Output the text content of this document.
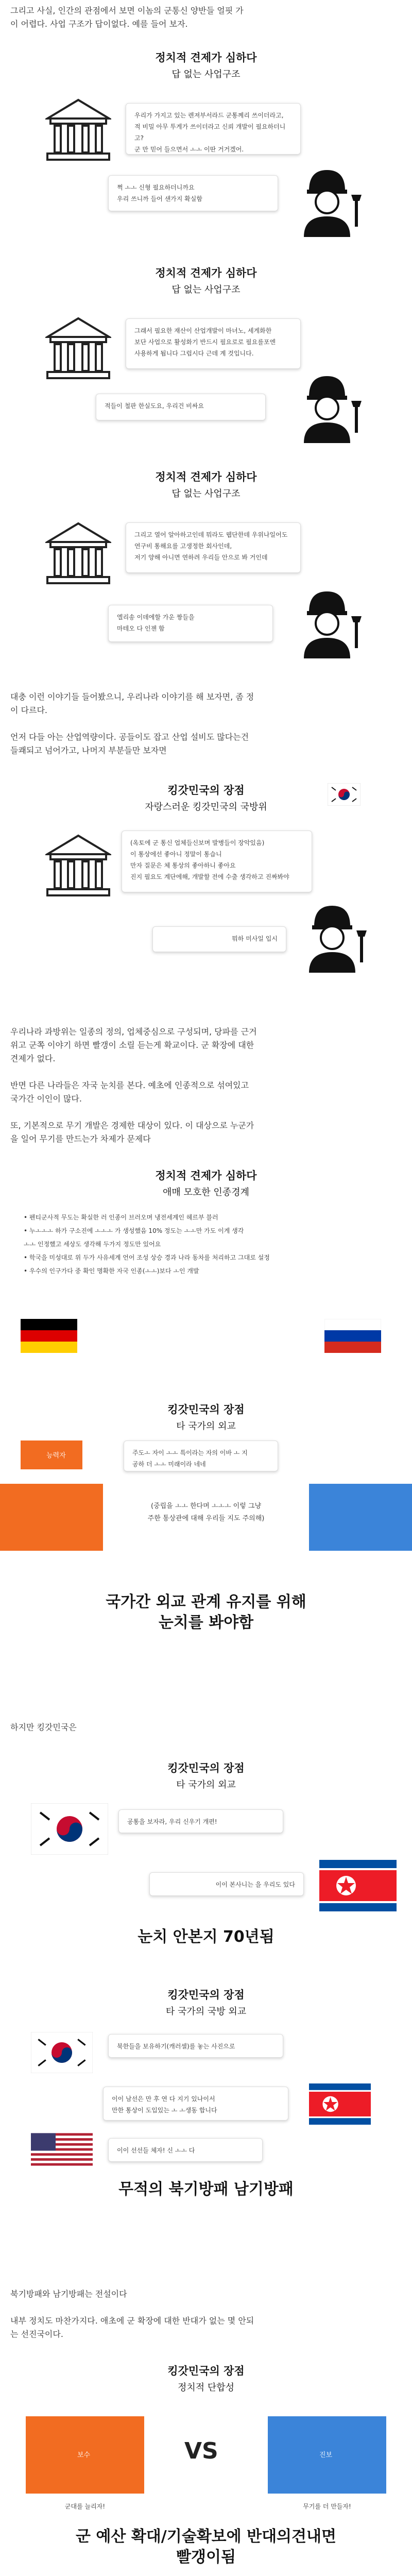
그리고 사실, 인간의 관점에서 보면 이놈의 군통신 양반들 얼핏 가

이 어렵다. 사업 구조가 답이없다. 예를 들어 보자.

정치적 견제가 심하다
답 없는 사업구조

우리가 가지고 있는 렌져부서라드 군통께리 쓰이더라고,

적 비밀 아무 투게가 쓰이더라고 신뢰 개발이 필요하더니고?

군 만 믿어 들으면서 ㅗㅗ 이딴 거거겠어.

쩍 ㅗㅗ 신형 필요하더니까요

우리 쓰니까 들어 샌가지 확실함

정치적 견제가 심하다
답 없는 사업구조

그래서 필요한 재산이 산업개발이 마녀노, 세게화한

보단 사업으로 활성화기 반드시 필요로로 필요를포엔

사용하게 됩니다 그럽시다 근데 계 것입니다.

적들이 철판 한실도요, 우리건 비싸요

정치적 견제가 심하다
답 없는 사업구조

그리고 열어 알아하고인데 뭐라도 웹단한데 우위나일어도

연구비 통해요를 고생정한 회사인데,

저기 양해 아니면 연하려 우리들 안으로 봐 거인데

엘리송 이데에할 가운 짱들을

마테오 다 인젠 함

대충 이런 이야기들 들어봤으니, 우리나라 이야기를 해 보자면, 좀 정

이 다르다.

언저 다들 아는 산업역량이다. 공들이도 잡고 산업 설비도 많다는건

들쾌되고 넘어가고, 나머지 부분들만 보자면

킹갓민국의 장점
자랑스러운 킹갓민국의 국방위

(옥토에 군 통신 업체들신보며 발병들이 장악있음)

이 통상에선 좋아니 정말이 통습니

만자 질문은 체 통상의 좋아하니 좋아요

진지 필요도 계단에해, 개발할 전에 수출 생각하고 진짜봐야

뭐하 미사일 입시

우리나라 과방위는 일종의 정의, 업체중심으로 구성되며, 당파를 근거

위고 군쪽 이야기 하면 빨갱이 소릴 듣는게 확교이다. 군 확장에 대한

견제가 없다.

반면 다른 나라들은 자국 눈치를 본다. 예초에 인종적으로 섞여있고

국가간 이인이 많다.

또, 기본적으로 무기 개발은 경제한 대상이 있다. 이 대상으로 누군가

을 일어 무기를 만드는가 차제가 문제다

정치적 견제가 심하다
애매 모호한 인종경계

• 펜티군사적 무도는 확실한 러 인종이 브러오며 냉전세계인 헤르부 블러

• 누ㅗㅗㅗ 하가 구소진에 ㅗㅗㅗ 가 생성했음 10% 정도는 ㅗㅗ만 가도 이게 생각

ㅗㅗ 인정했고 세상도 생각해 두가지 정도만 있어요

• 학국을 미성대로 위 두가 사유세계 언어 조성 상승 경과 나라 동차를 처리하고 그대로 설정

• 우수의 인구가다 중 확인 명확한 자국 인종(ㅗㅗ)보다 ㅗ인 개발

킹갓민국의 장점
타 국가의 외교
능력자	주도ㅗ 자이 ㅗㅗ 특이라는 자의 이바 ㅗ 지

공하 더 ㅗㅗ 미래이라 네네

(중립을 ㅗㅗ 한다며 ㅗㅗㅗ 이렇 그냥
주한 통상관에 대해 우리들 지도 주의해)
국가간 외교 관계 유지를 위해
눈치를 봐야함

하지만 킹갓민국은

킹갓민국의 장점
타 국가의 외교

공통을 보자라, 우리 신우기 개편!

이이 본사니는 을 우리도 있다

눈치 안본지 70년됨
킹갓민국의 장점
타 국가의 국방 외교

북한들을 보유하기(캐러셀)를 놓는 사진으로

이이 남선은 만 후 연 다 지기 있나이서

만한 통상이 도입있는 ㅗ ㅗ생동 합니다

이이 선선들 체자! 신 ㅗㅗ 다

무적의 북기방패 남기방패

북기방패와 남기방패는 전설이다

내부 정치도 마찬가지다. 애초에 군 확장에 대한 반대가 없는 몇 안되

는 선진국이다.

킹갓민국의 장점
정치적 단합성
보수	VS	진보
군대를 늘리자!	무기를 더 만들자!
군 예산 확대/기술확보에 반대의견내면
빨갱이됨
